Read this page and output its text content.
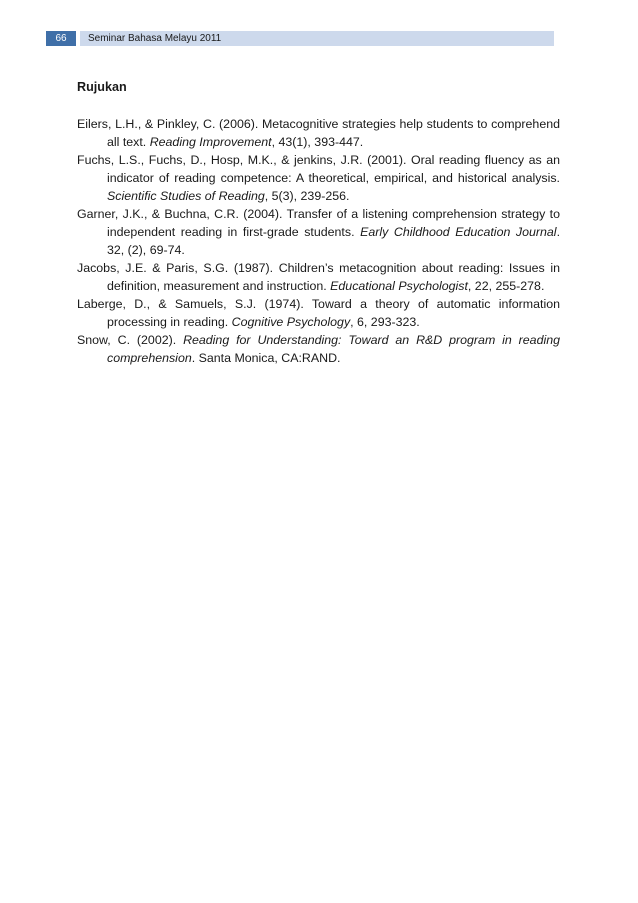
66	Seminar Bahasa Melayu 2011

Rujukan

Eilers, L.H., & Pinkley, C. (2006). Metacognitive strategies help students to comprehend all text. Reading Improvement, 43(1), 393-447.

Fuchs, L.S., Fuchs, D., Hosp, M.K., & jenkins, J.R. (2001). Oral reading fluency as an indicator of reading competence: A theoretical, empirical, and historical analysis. Scientific Studies of Reading, 5(3), 239-256.

Garner, J.K., & Buchna, C.R. (2004). Transfer of a listening comprehension strategy to independent reading in first-grade students. Early Childhood Education Journal. 32, (2), 69-74.

Jacobs, J.E. & Paris, S.G. (1987). Children’s metacognition about reading: Issues in definition, measurement and instruction. Educational Psychologist, 22, 255-278.

Laberge, D., & Samuels, S.J. (1974). Toward a theory of automatic information processing in reading. Cognitive Psychology, 6, 293-323.

Snow, C. (2002). Reading for Understanding: Toward an R&D program in reading comprehension. Santa Monica, CA:RAND.
